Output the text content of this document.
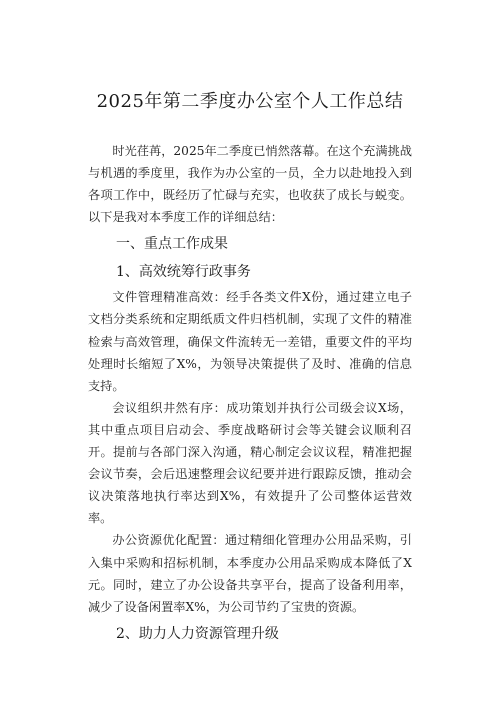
2025年第二季度办公室个人工作总结

时光荏苒，2025年二季度已悄然落幕。在这个充满挑战与机遇的季度里，我作为办公室的一员，全力以赴地投入到各项工作中，既经历了忙碌与充实，也收获了成长与蜕变。以下是我对本季度工作的详细总结：

一、重点工作成果

1、高效统筹行政事务

文件管理精准高效：经手各类文件X份，通过建立电子文档分类系统和定期纸质文件归档机制，实现了文件的精准检索与高效管理，确保文件流转无一差错，重要文件的平均处理时长缩短了X%，为领导决策提供了及时、准确的信息支持。

会议组织井然有序：成功策划并执行公司级会议X场，其中重点项目启动会、季度战略研讨会等关键会议顺利召开。提前与各部门深入沟通，精心制定会议议程，精准把握会议节奏，会后迅速整理会议纪要并进行跟踪反馈，推动会议决策落地执行率达到X%，有效提升了公司整体运营效率。

办公资源优化配置：通过精细化管理办公用品采购，引入集中采购和招标机制，本季度办公用品采购成本降低了X元。同时，建立了办公设备共享平台，提高了设备利用率，减少了设备闲置率X%，为公司节约了宝贵的资源。

2、助力人力资源管理升级
